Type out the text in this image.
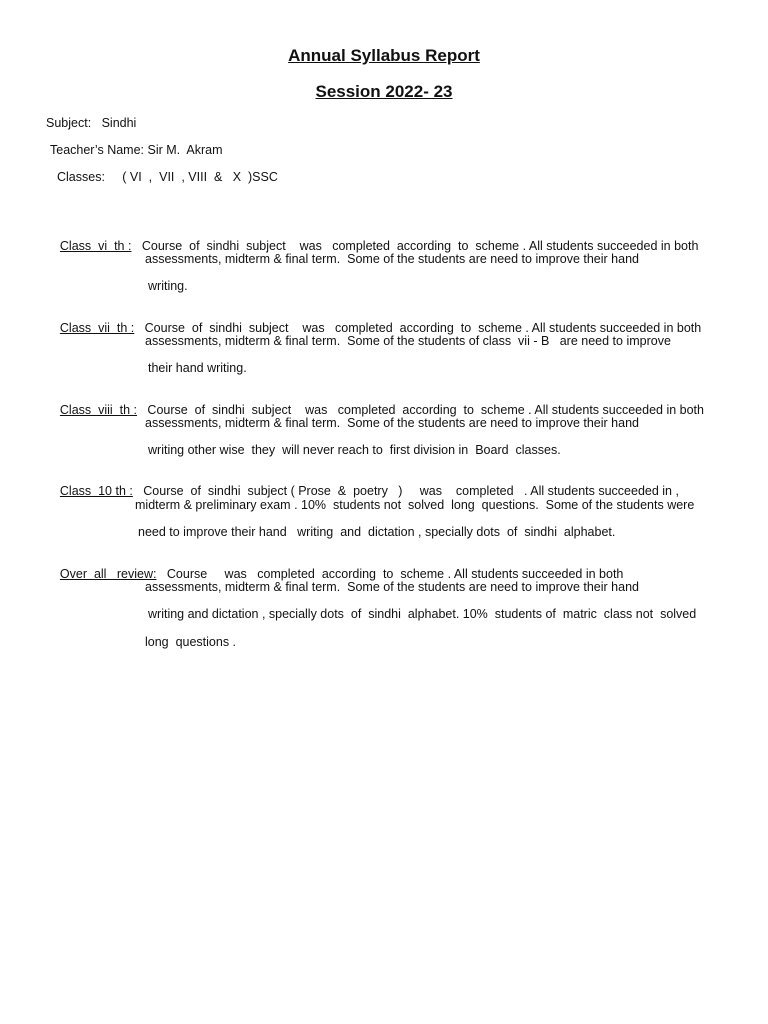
Annual Syllabus Report
Session 2022- 23
Subject:   Sindhi
Teacher’s Name: Sir M.  Akram
Classes:     ( VI  ,  VII  , VIII  &   X  )SSC

Class  vi  th :   Course  of  sindhi  subject    was   completed  according  to  scheme . All students succeeded in both

assessments, midterm & final term.  Some of the students are need to improve their hand
writing.

Class  vii  th :   Course  of  sindhi  subject    was   completed  according  to  scheme . All students succeeded in both

assessments, midterm & final term.  Some of the students of class  vii - B   are need to improve
their hand writing.

Class  viii  th :   Course  of  sindhi  subject    was   completed  according  to  scheme . All students succeeded in both

assessments, midterm & final term.  Some of the students are need to improve their hand
writing other wise  they  will never reach to  first division in  Board  classes.

Class  10 th :   Course  of  sindhi  subject ( Prose  &  poetry   )     was    completed   . All students succeeded in ,

midterm & preliminary exam . 10%  students not  solved  long  questions.  Some of the students were
need to improve their hand   writing  and  dictation , specially dots  of  sindhi  alphabet.

Over  all   review:   Course     was   completed  according  to  scheme . All students succeeded in both

assessments, midterm & final term.  Some of the students are need to improve their hand
writing and dictation , specially dots  of  sindhi  alphabet. 10%  students of  matric  class not  solved
long  questions .
